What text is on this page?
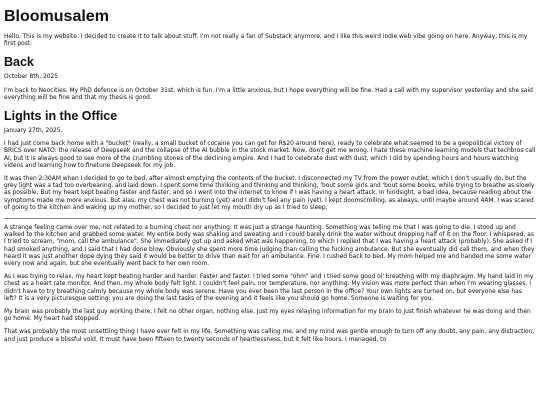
Bloomusalem

Hello. This is my website. I decided to create it to talk about stuff. I'm not really a fan of Substack anymore, and I like this weird indie web vibe going on here. Anyway, this is my first post:

Back

October 8th, 2025

I'm back to Neocities. My PhD defence is on October 31st, which is fun. I'm a little anxious, but I hope everything will be fine. Had a call with my supervisor yesterday and she said everything will be fine and that my thesis is good.

Lights in the Office

January 27th, 2025.

I had just come back home with a "bucket" (really, a small bucket of cocaine you can get for R$20 around here), ready to celebrate what seemed to be a geopolitical victory of BRICS over NATO: the release of Deepseek and the collapse of the AI bubble in the stock market. Now, don't get me wrong. I hate these machine learning models that techbros call AI, but it is always good to see more of the crumbling stones of the declining empire. And I had to celebrate dust with dust, which I did by spending hours and hours watching videos and learning how to finetune Deepseek for my job.

It was then 2:30AM when I decided to go to bed, after almost emptying the contents of the bucket. I disconnected my TV from the power outlet, which I don't usually do, but the grey light was a tad too overbearing, and laid down. I spent some time thinking and thinking and thinking, 'bout some girls and 'bout some books, while trying to breathe as slowly as possible. But my heart kept beating faster and faster, and so I went into the internet to know if I was having a heart attack. In hindsight, a bad idea, because reading about the symptoms made me more anxious. But alas, my chest was not burning (yet) and I didn't feel any pain (yet). I kept doomscrolling, as always, until maybe around 4AM. I was scared of going to the kitchen and waking up my mother, so I decided to just let my mouth dry up as I tried to sleep.

A strange feeling came over me, not related to a burning chest nor anything. It was just a strange haunting. Something was telling me that I was going to die. I stood up and walked to the kitchen and grabbed some water. My entire body was shaking and sweating and I could barely drink the water without dropping half of it on the floor. I whispered, as I tried to scream, "mom, call the ambulance". She immediately got up and asked what was happening, to which I replied that I was having a heart attack (probably). She asked if I had smoked anything, and I said that I had done blow. Obviously she spent more time judging than calling the fucking ambulance. But she eventually did call them, and when they heard it was just another dope dying they said it would be better to drive than wait for an ambulance. Fine. I rushed back to bed. My mom helped me and handed me some water every now and again, but she eventually went back to her own room.

As I was trying to relax, my heart kept beating harder and harder. Faster and faster. I tried some "ohm" and I tried some good ol' breathing with my diaphragm. My hand laid in my chest as a heart rate monitor. And then, my whole body felt light. I couldn't feel pain, nor temperature, nor anything. My vision was more perfect than when I'm wearing glasses. I didn't have to try breathing calmly because my whole body was serene. Have you ever been the last person in the office? Your own lights are turned on, but everyone else has left? It is a very picturesque setting: you are doing the last tasks of the evening and it feels like you should go home. Someone is waiting for you.

My brain was probably the last guy working there. I felt no other organ, nothing else. Just my eyes relaying information for my brain to just finish whatever he was doing and then go home. My heart had stopped.

That was probably the most unsettling thing I have ever felt in my life. Something was calling me, and my mind was gentle enough to turn off any doubt, any pain, any distraction, and just produce a blissful void. It must have been fifteen to twenty seconds of heartlessness, but it felt like hours. I managed, to
